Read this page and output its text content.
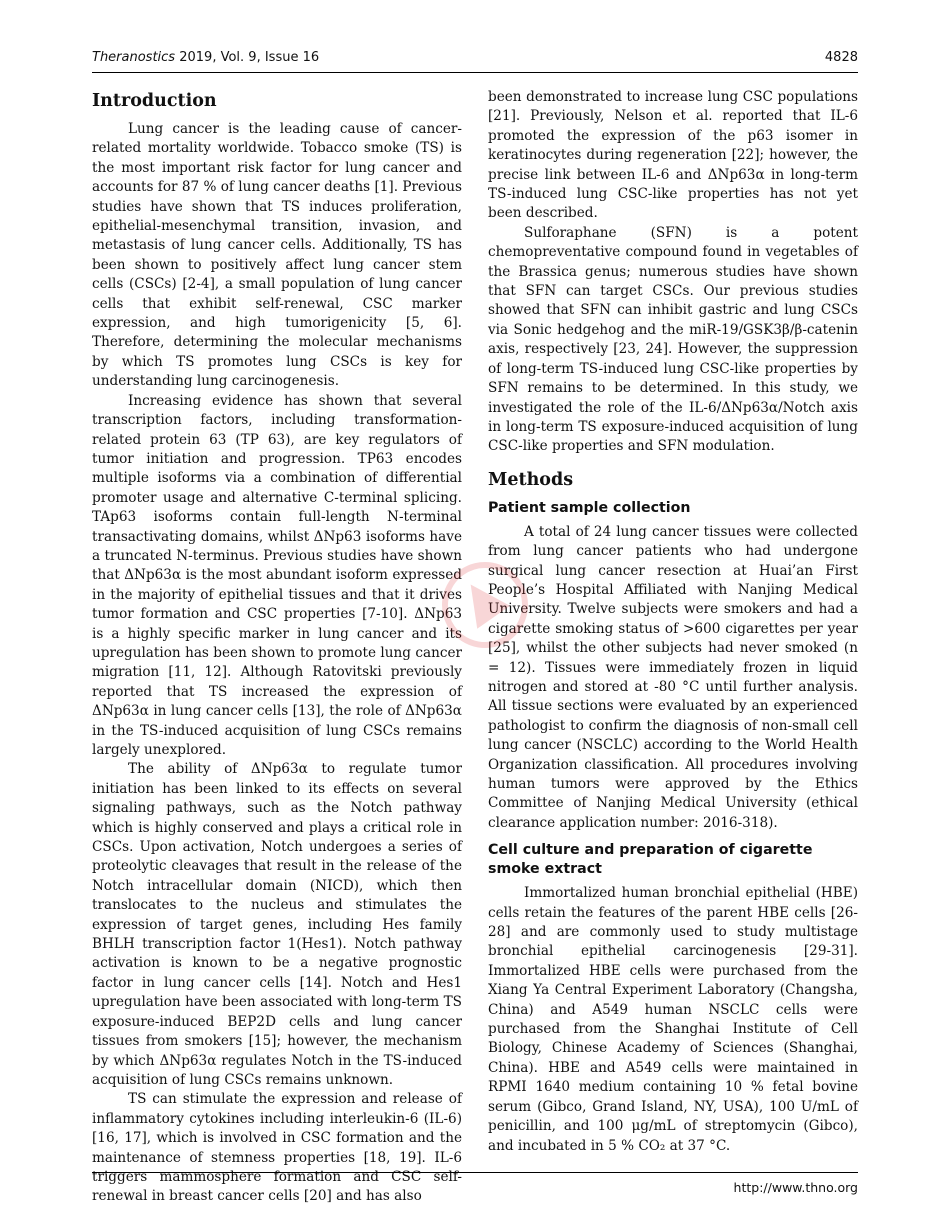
Theranostics 2019, Vol. 9, Issue 16	4828
Introduction

Lung cancer is the leading cause of cancer-related mortality worldwide. Tobacco smoke (TS) is the most important risk factor for lung cancer and accounts for 87 % of lung cancer deaths [1]. Previous studies have shown that TS induces proliferation, epithelial-mesenchymal transition, invasion, and metastasis of lung cancer cells. Additionally, TS has been shown to positively affect lung cancer stem cells (CSCs) [2-4], a small population of lung cancer cells that exhibit self-renewal, CSC marker expression, and high tumorigenicity [5, 6]. Therefore, determining the molecular mechanisms by which TS promotes lung CSCs is key for understanding lung carcinogenesis.

Increasing evidence has shown that several transcription factors, including transformation-related protein 63 (TP 63), are key regulators of tumor initiation and progression. TP63 encodes multiple isoforms via a combination of differential promoter usage and alternative C-terminal splicing. TAp63 isoforms contain full-length N-terminal transactivating domains, whilst ΔNp63 isoforms have a truncated N-terminus. Previous studies have shown that ΔNp63α is the most abundant isoform expressed in the majority of epithelial tissues and that it drives tumor formation and CSC properties [7-10]. ΔNp63 is a highly specific marker in lung cancer and its upregulation has been shown to promote lung cancer migration [11, 12]. Although Ratovitski previously reported that TS increased the expression of ΔNp63α in lung cancer cells [13], the role of ΔNp63α in the TS-induced acquisition of lung CSCs remains largely unexplored.

The ability of ΔNp63α to regulate tumor initiation has been linked to its effects on several signaling pathways, such as the Notch pathway which is highly conserved and plays a critical role in CSCs. Upon activation, Notch undergoes a series of proteolytic cleavages that result in the release of the Notch intracellular domain (NICD), which then translocates to the nucleus and stimulates the expression of target genes, including Hes family BHLH transcription factor 1(Hes1). Notch pathway activation is known to be a negative prognostic factor in lung cancer cells [14]. Notch and Hes1 upregulation have been associated with long-term TS exposure-induced BEP2D cells and lung cancer tissues from smokers [15]; however, the mechanism by which ΔNp63α regulates Notch in the TS-induced acquisition of lung CSCs remains unknown.

TS can stimulate the expression and release of inflammatory cytokines including interleukin-6 (IL-6) [16, 17], which is involved in CSC formation and the maintenance of stemness properties [18, 19]. IL-6 triggers mammosphere formation and CSC self-renewal in breast cancer cells [20] and has also

been demonstrated to increase lung CSC populations [21]. Previously, Nelson et al. reported that IL-6 promoted the expression of the p63 isomer in keratinocytes during regeneration [22]; however, the precise link between IL-6 and ΔNp63α in long-term TS-induced lung CSC-like properties has not yet been described.

Sulforaphane (SFN) is a potent chemopreventative compound found in vegetables of the Brassica genus; numerous studies have shown that SFN can target CSCs. Our previous studies showed that SFN can inhibit gastric and lung CSCs via Sonic hedgehog and the miR-19/GSK3β/β-catenin axis, respectively [23, 24]. However, the suppression of long-term TS-induced lung CSC-like properties by SFN remains to be determined. In this study, we investigated the role of the IL-6/ΔNp63α/Notch axis in long-term TS exposure-induced acquisition of lung CSC-like properties and SFN modulation.

Methods
Patient sample collection

A total of 24 lung cancer tissues were collected from lung cancer patients who had undergone surgical lung cancer resection at Huai’an First People’s Hospital Affiliated with Nanjing Medical University. Twelve subjects were smokers and had a cigarette smoking status of >600 cigarettes per year [25], whilst the other subjects had never smoked (n = 12). Tissues were immediately frozen in liquid nitrogen and stored at -80 °C until further analysis. All tissue sections were evaluated by an experienced pathologist to confirm the diagnosis of non-small cell lung cancer (NSCLC) according to the World Health Organization classification. All procedures involving human tumors were approved by the Ethics Committee of Nanjing Medical University (ethical clearance application number: 2016-318).

Cell culture and preparation of cigarette smoke extract

Immortalized human bronchial epithelial (HBE) cells retain the features of the parent HBE cells [26-28] and are commonly used to study multistage bronchial epithelial carcinogenesis [29-31]. Immortalized HBE cells were purchased from the Xiang Ya Central Experiment Laboratory (Changsha, China) and A549 human NSCLC cells were purchased from the Shanghai Institute of Cell Biology, Chinese Academy of Sciences (Shanghai, China). HBE and A549 cells were maintained in RPMI 1640 medium containing 10 % fetal bovine serum (Gibco, Grand Island, NY, USA), 100 U/mL of penicillin, and 100 μg/mL of streptomycin (Gibco), and incubated in 5 % CO₂ at 37 °C.

http://www.thno.org
